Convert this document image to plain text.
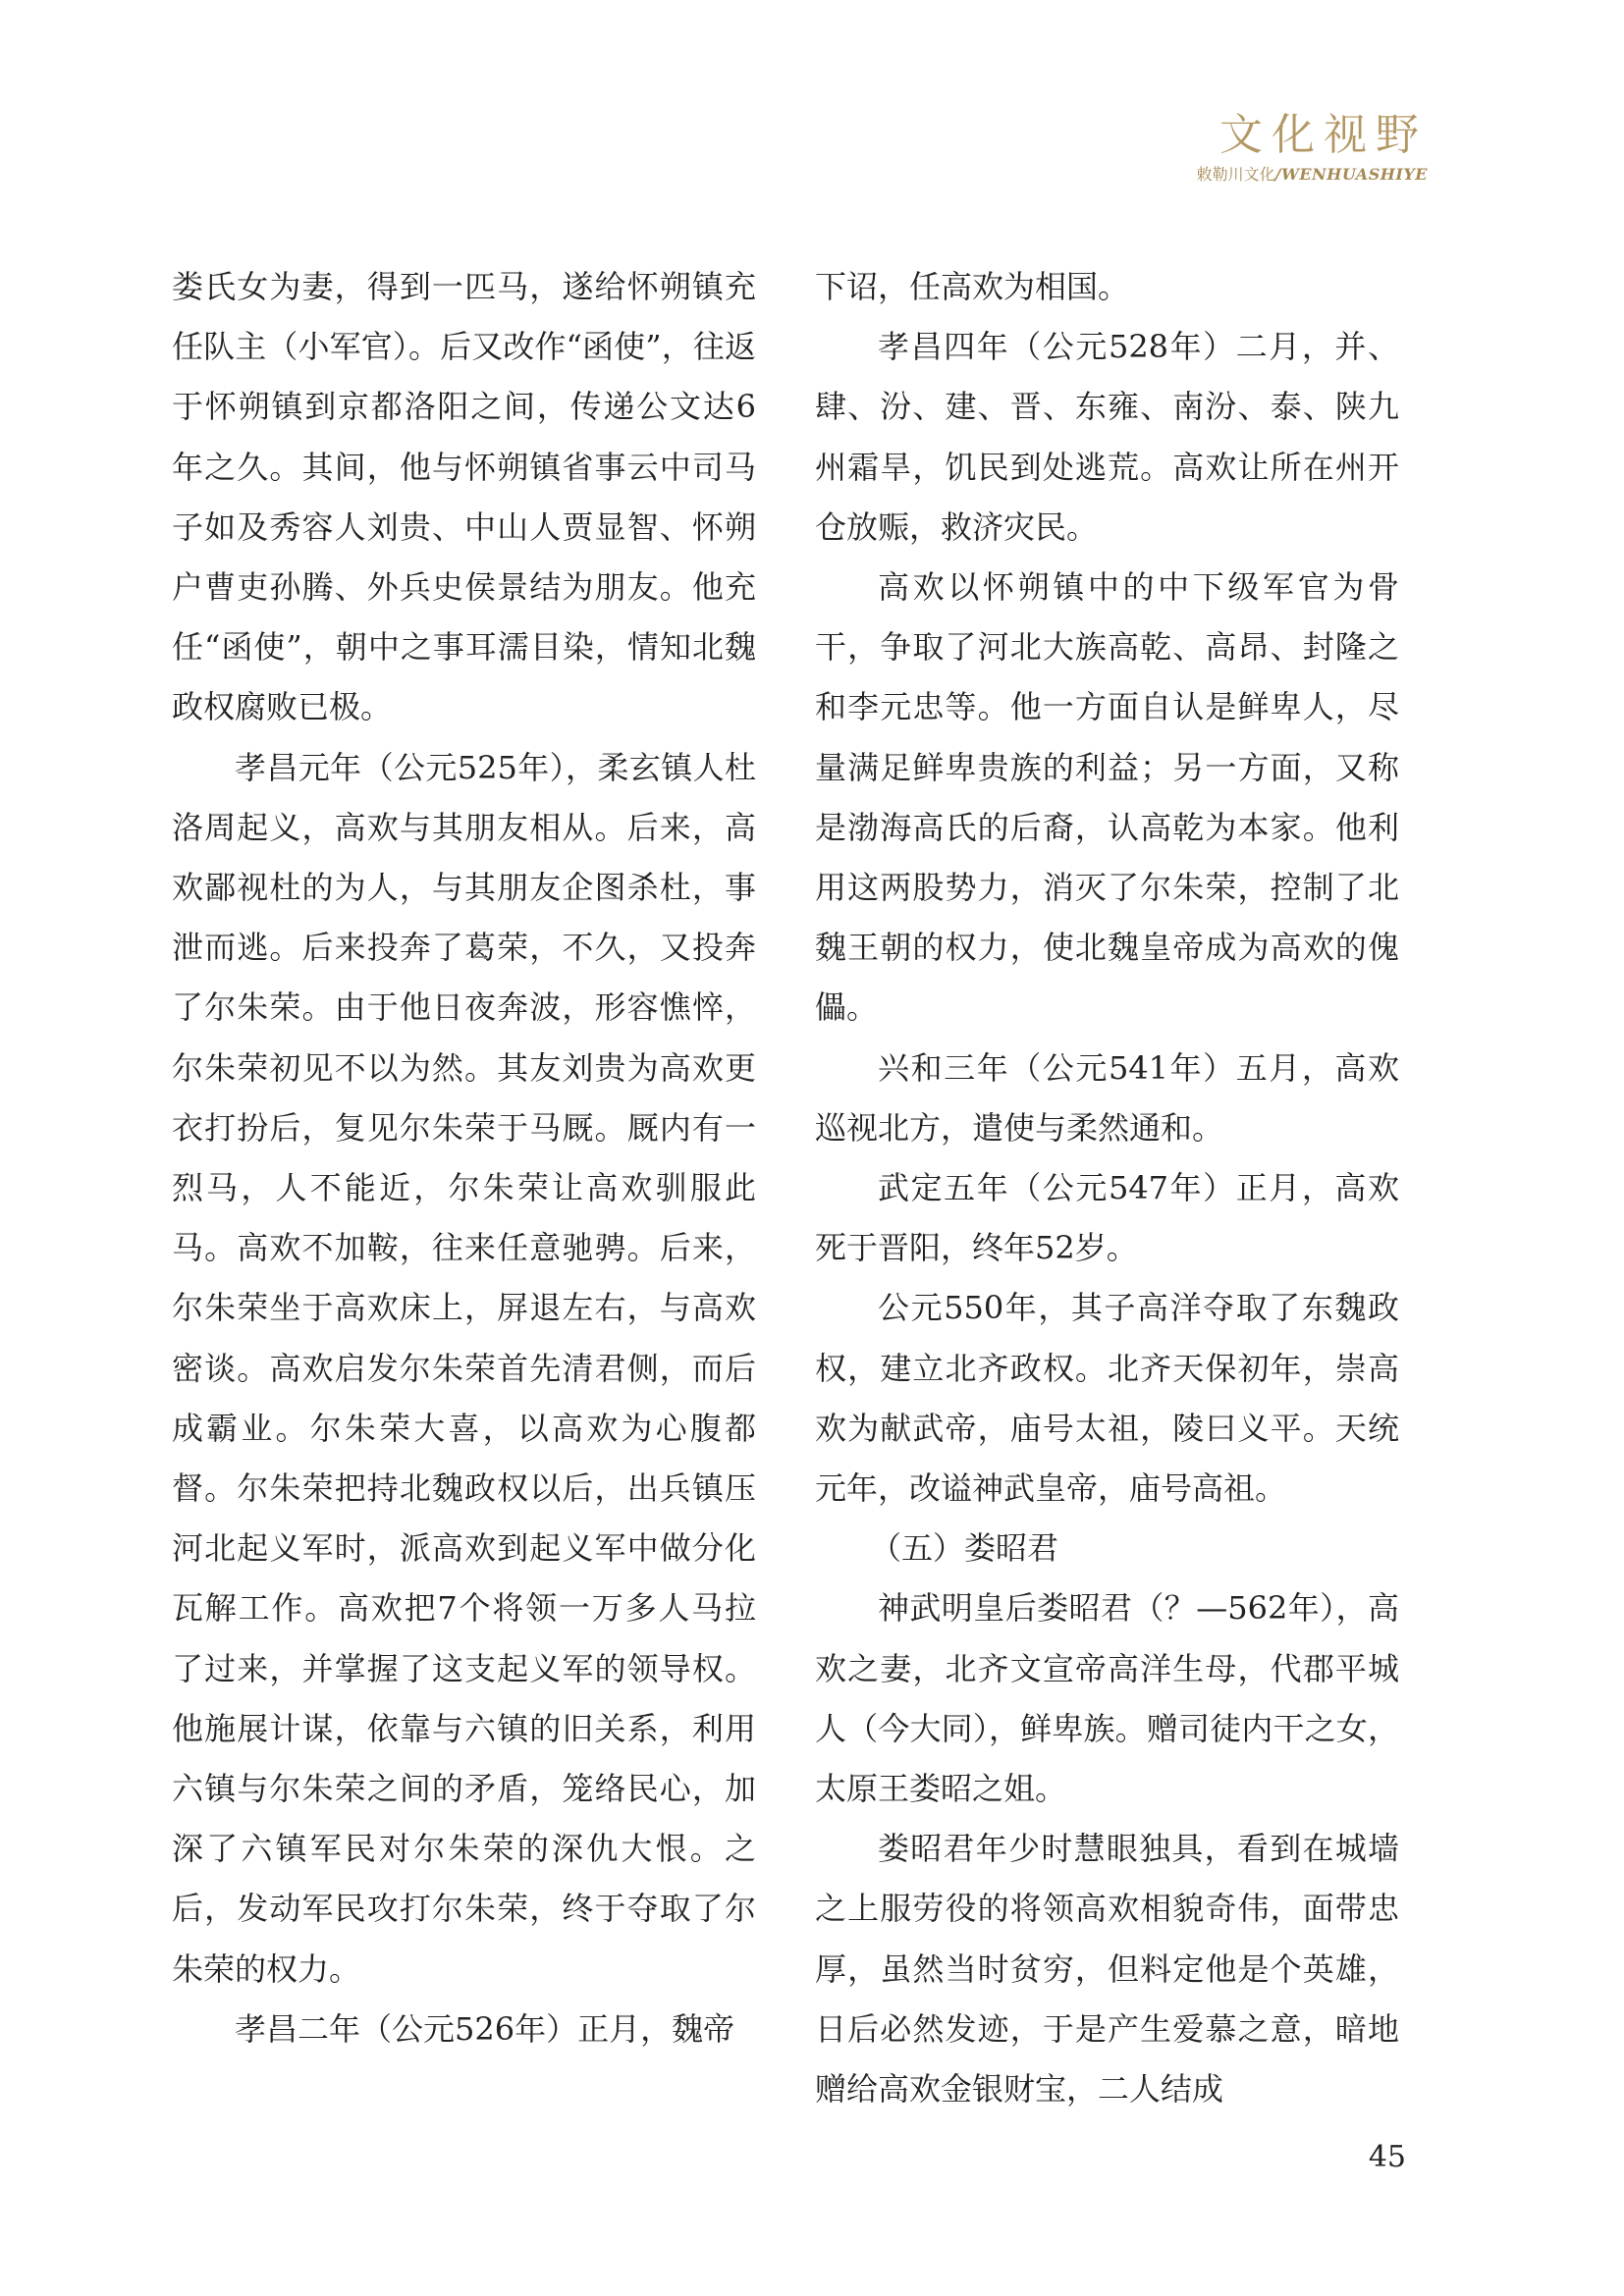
文化视野
敕勒川文化/WENHUASHIYE

娄氏女为妻，得到一匹马，遂给怀朔镇充任队主（小军官）。后又改作“函使”，往返于怀朔镇到京都洛阳之间，传递公文达6年之久。其间，他与怀朔镇省事云中司马子如及秀容人刘贵、中山人贾显智、怀朔户曹吏孙腾、外兵史侯景结为朋友。他充任“函使”，朝中之事耳濡目染，情知北魏政权腐败已极。

孝昌元年（公元525年），柔玄镇人杜洛周起义，高欢与其朋友相从。后来，高欢鄙视杜的为人，与其朋友企图杀杜，事泄而逃。后来投奔了葛荣，不久，又投奔了尔朱荣。由于他日夜奔波，形容憔悴，尔朱荣初见不以为然。其友刘贵为高欢更衣打扮后，复见尔朱荣于马厩。厩内有一烈马，人不能近，尔朱荣让高欢驯服此马。高欢不加鞍，往来任意驰骋。后来，尔朱荣坐于高欢床上，屏退左右，与高欢密谈。高欢启发尔朱荣首先清君侧，而后成霸业。尔朱荣大喜，以高欢为心腹都督。尔朱荣把持北魏政权以后，出兵镇压河北起义军时，派高欢到起义军中做分化瓦解工作。高欢把7个将领一万多人马拉了过来，并掌握了这支起义军的领导权。他施展计谋，依靠与六镇的旧关系，利用六镇与尔朱荣之间的矛盾，笼络民心，加深了六镇军民对尔朱荣的深仇大恨。之后，发动军民攻打尔朱荣，终于夺取了尔朱荣的权力。

孝昌二年（公元526年）正月，魏帝

下诏，任高欢为相国。

孝昌四年（公元528年）二月，并、肆、汾、建、晋、东雍、南汾、泰、陕九州霜旱，饥民到处逃荒。高欢让所在州开仓放赈，救济灾民。

高欢以怀朔镇中的中下级军官为骨干，争取了河北大族高乾、高昂、封隆之和李元忠等。他一方面自认是鲜卑人，尽量满足鲜卑贵族的利益；另一方面，又称是渤海高氏的后裔，认高乾为本家。他利用这两股势力，消灭了尔朱荣，控制了北魏王朝的权力，使北魏皇帝成为高欢的傀儡。

兴和三年（公元541年）五月，高欢巡视北方，遣使与柔然通和。

武定五年（公元547年）正月，高欢死于晋阳，终年52岁。

公元550年，其子高洋夺取了东魏政权，建立北齐政权。北齐天保初年，崇高欢为献武帝，庙号太祖，陵曰义平。天统元年，改谥神武皇帝，庙号高祖。

（五）娄昭君

神武明皇后娄昭君（？—562年），高欢之妻，北齐文宣帝高洋生母，代郡平城人（今大同），鲜卑族。赠司徒内干之女，太原王娄昭之姐。

娄昭君年少时慧眼独具，看到在城墙之上服劳役的将领高欢相貌奇伟，面带忠厚，虽然当时贫穷，但料定他是个英雄，日后必然发迹，于是产生爱慕之意，暗地赠给高欢金银财宝，二人结成

45
